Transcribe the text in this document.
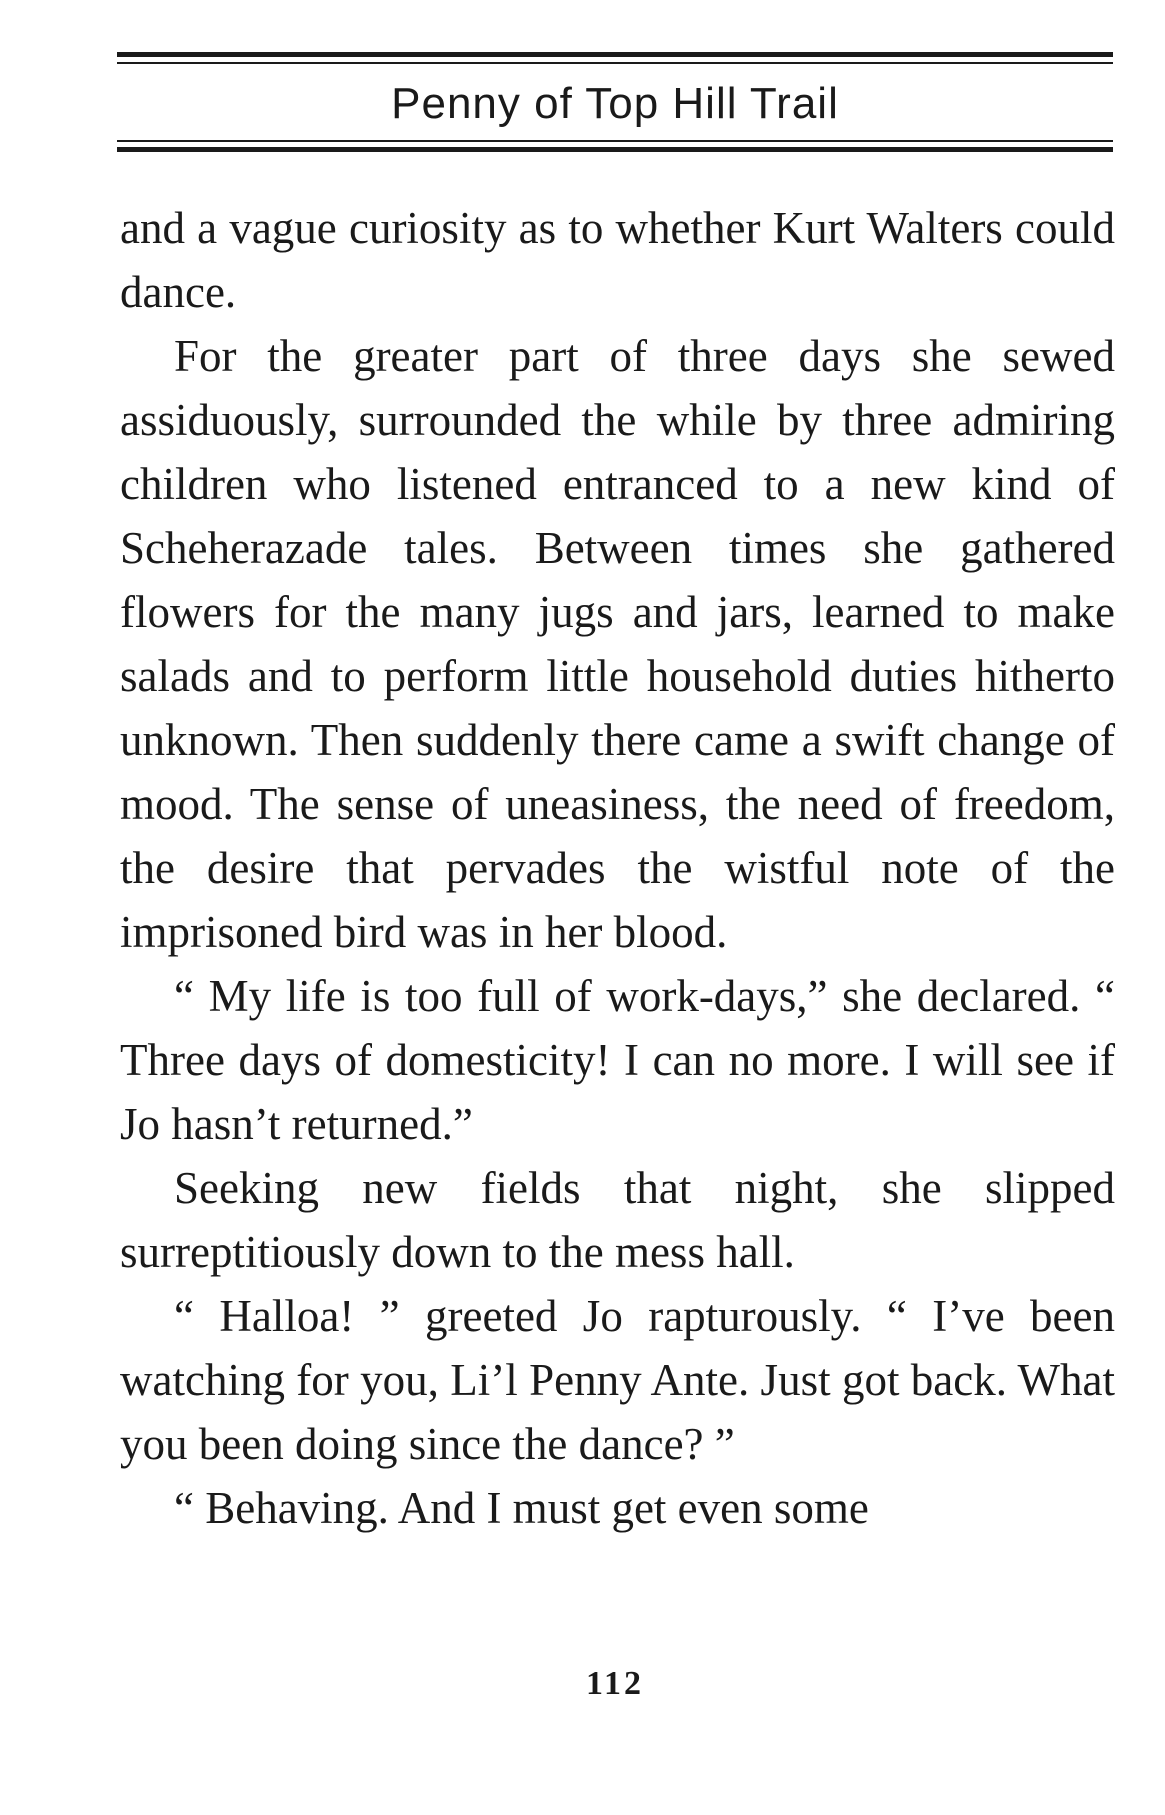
Penny of Top Hill Trail

and a vague curiosity as to whether Kurt Walters could dance.

For the greater part of three days she sewed assiduously, surrounded the while by three admiring children who listened entranced to a new kind of Scheherazade tales. Between times she gathered flowers for the many jugs and jars, learned to make salads and to perform little household duties hitherto unknown. Then suddenly there came a swift change of mood. The sense of uneasiness, the need of freedom, the desire that pervades the wistful note of the imprisoned bird was in her blood.

“ My life is too full of work-days,” she declared. “ Three days of domesticity! I can no more. I will see if Jo hasn’t returned.”

Seeking new fields that night, she slipped surreptitiously down to the mess hall.

“ Halloa! ” greeted Jo rapturously. “ I’ve been watching for you, Li’l Penny Ante. Just got back. What you been doing since the dance? ”

“ Behaving. And I must get even some

112
